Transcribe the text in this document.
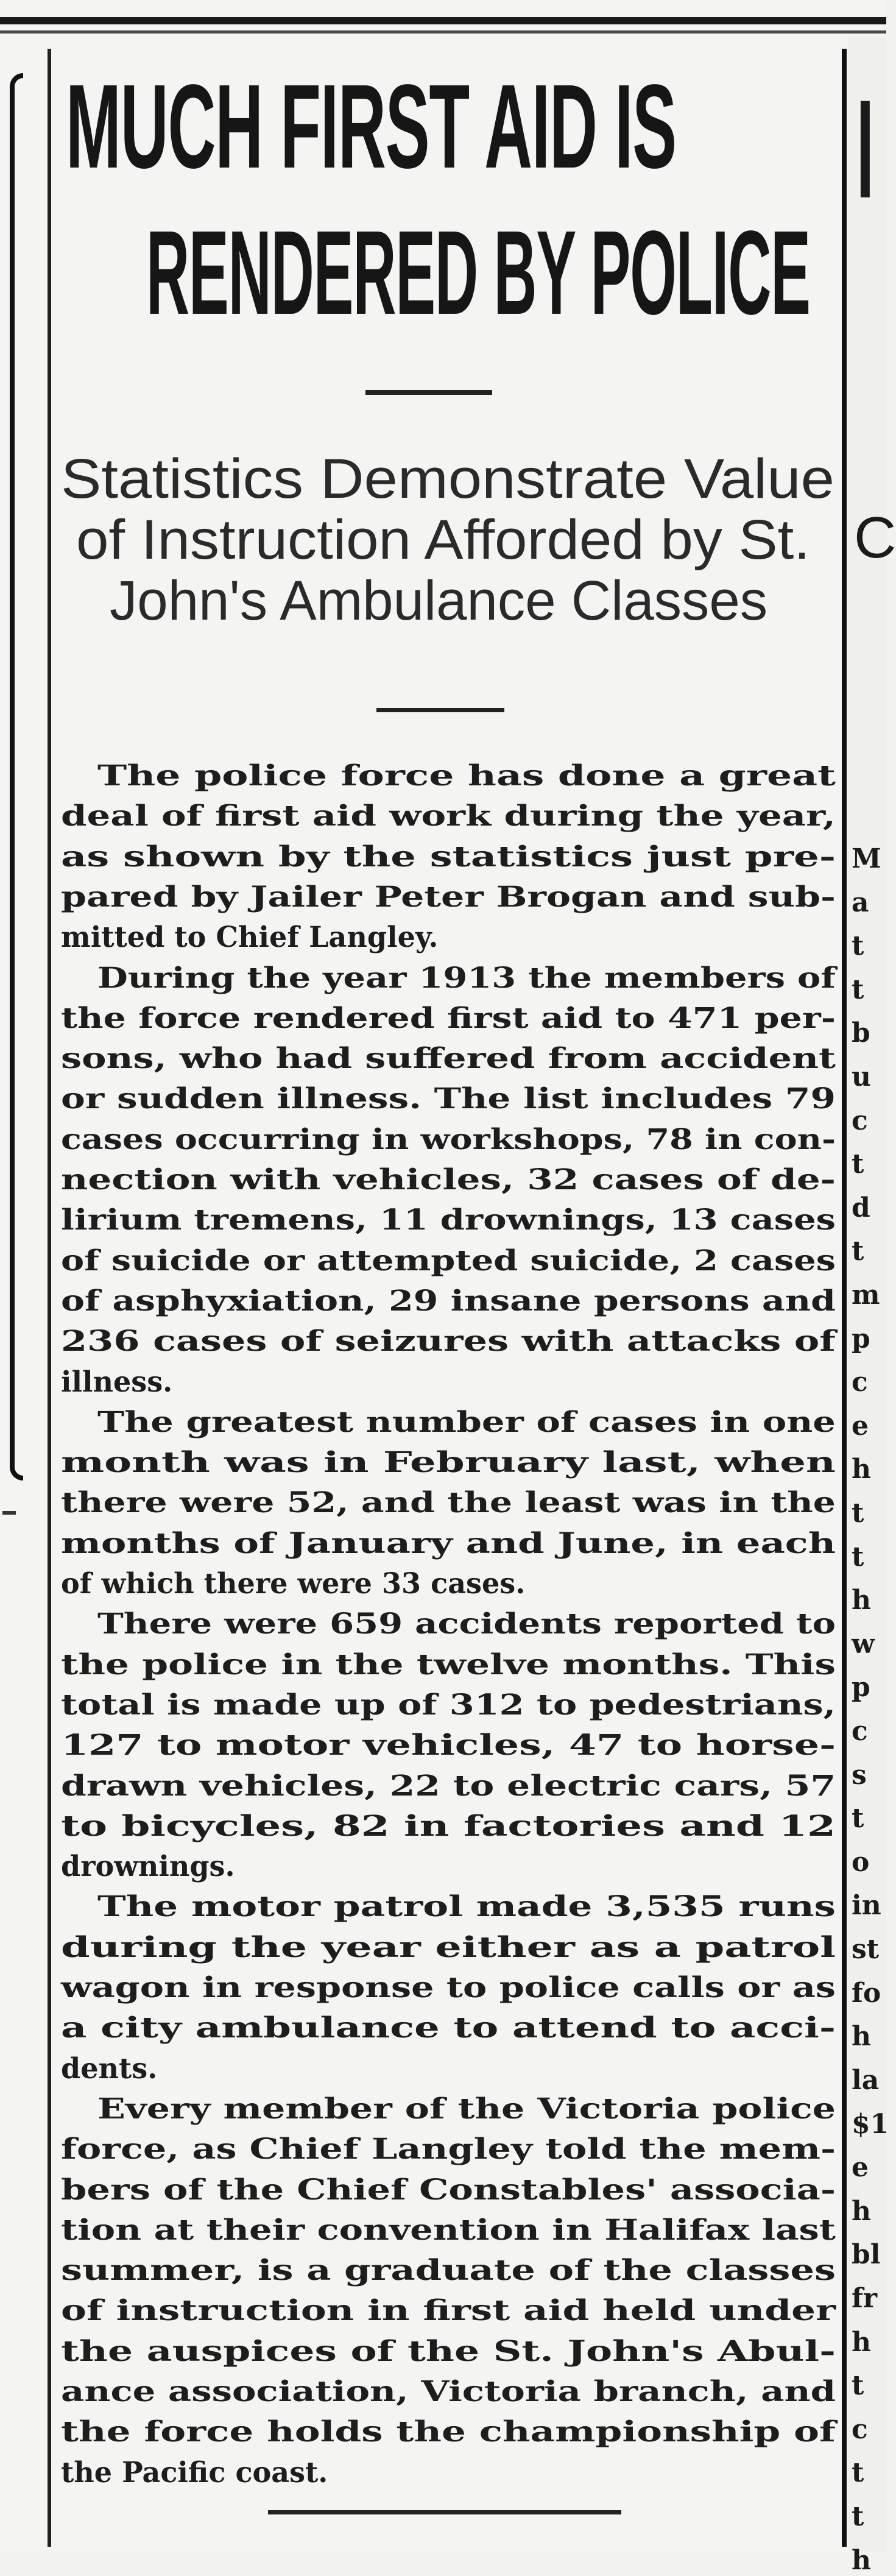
I
C
M
a
t
t
b
u
c
t
d
t
m
p
c
e
h
t
t
h
w
p
c
s
t
o
in
st
fo
h
la
$1
e
h
bl
fr
h
t
c
t
t
h
MUCH FIRST AID IS
RENDERED BY POLICE
Statistics Demonstrate Value
of Instruction Afforded by St.
John's Ambulance Classes
The police force has done a great
deal of first aid work during the year,
as shown by the statistics just pre-
pared by Jailer Peter Brogan and sub-
mitted to Chief Langley.
During the year 1913 the members of
the force rendered first aid to 471 per-
sons, who had suffered from accident
or sudden illness. The list includes 79
cases occurring in workshops, 78 in con-
nection with vehicles, 32 cases of de-
lirium tremens, 11 drownings, 13 cases
of suicide or attempted suicide, 2 cases
of asphyxiation, 29 insane persons and
236 cases of seizures with attacks of
illness.
The greatest number of cases in one
month was in February last, when
there were 52, and the least was in the
months of January and June, in each
of which there were 33 cases.
There were 659 accidents reported to
the police in the twelve months. This
total is made up of 312 to pedestrians,
127 to motor vehicles, 47 to horse-
drawn vehicles, 22 to electric cars, 57
to bicycles, 82 in factories and 12
drownings.
The motor patrol made 3,535 runs
during the year either as a patrol
wagon in response to police calls or as
a city ambulance to attend to acci-
dents.
Every member of the Victoria police
force, as Chief Langley told the mem-
bers of the Chief Constables' associa-
tion at their convention in Halifax last
summer, is a graduate of the classes
of instruction in first aid held under
the auspices of the St. John's Abul-
ance association, Victoria branch, and
the force holds the championship of
the Pacific coast.
